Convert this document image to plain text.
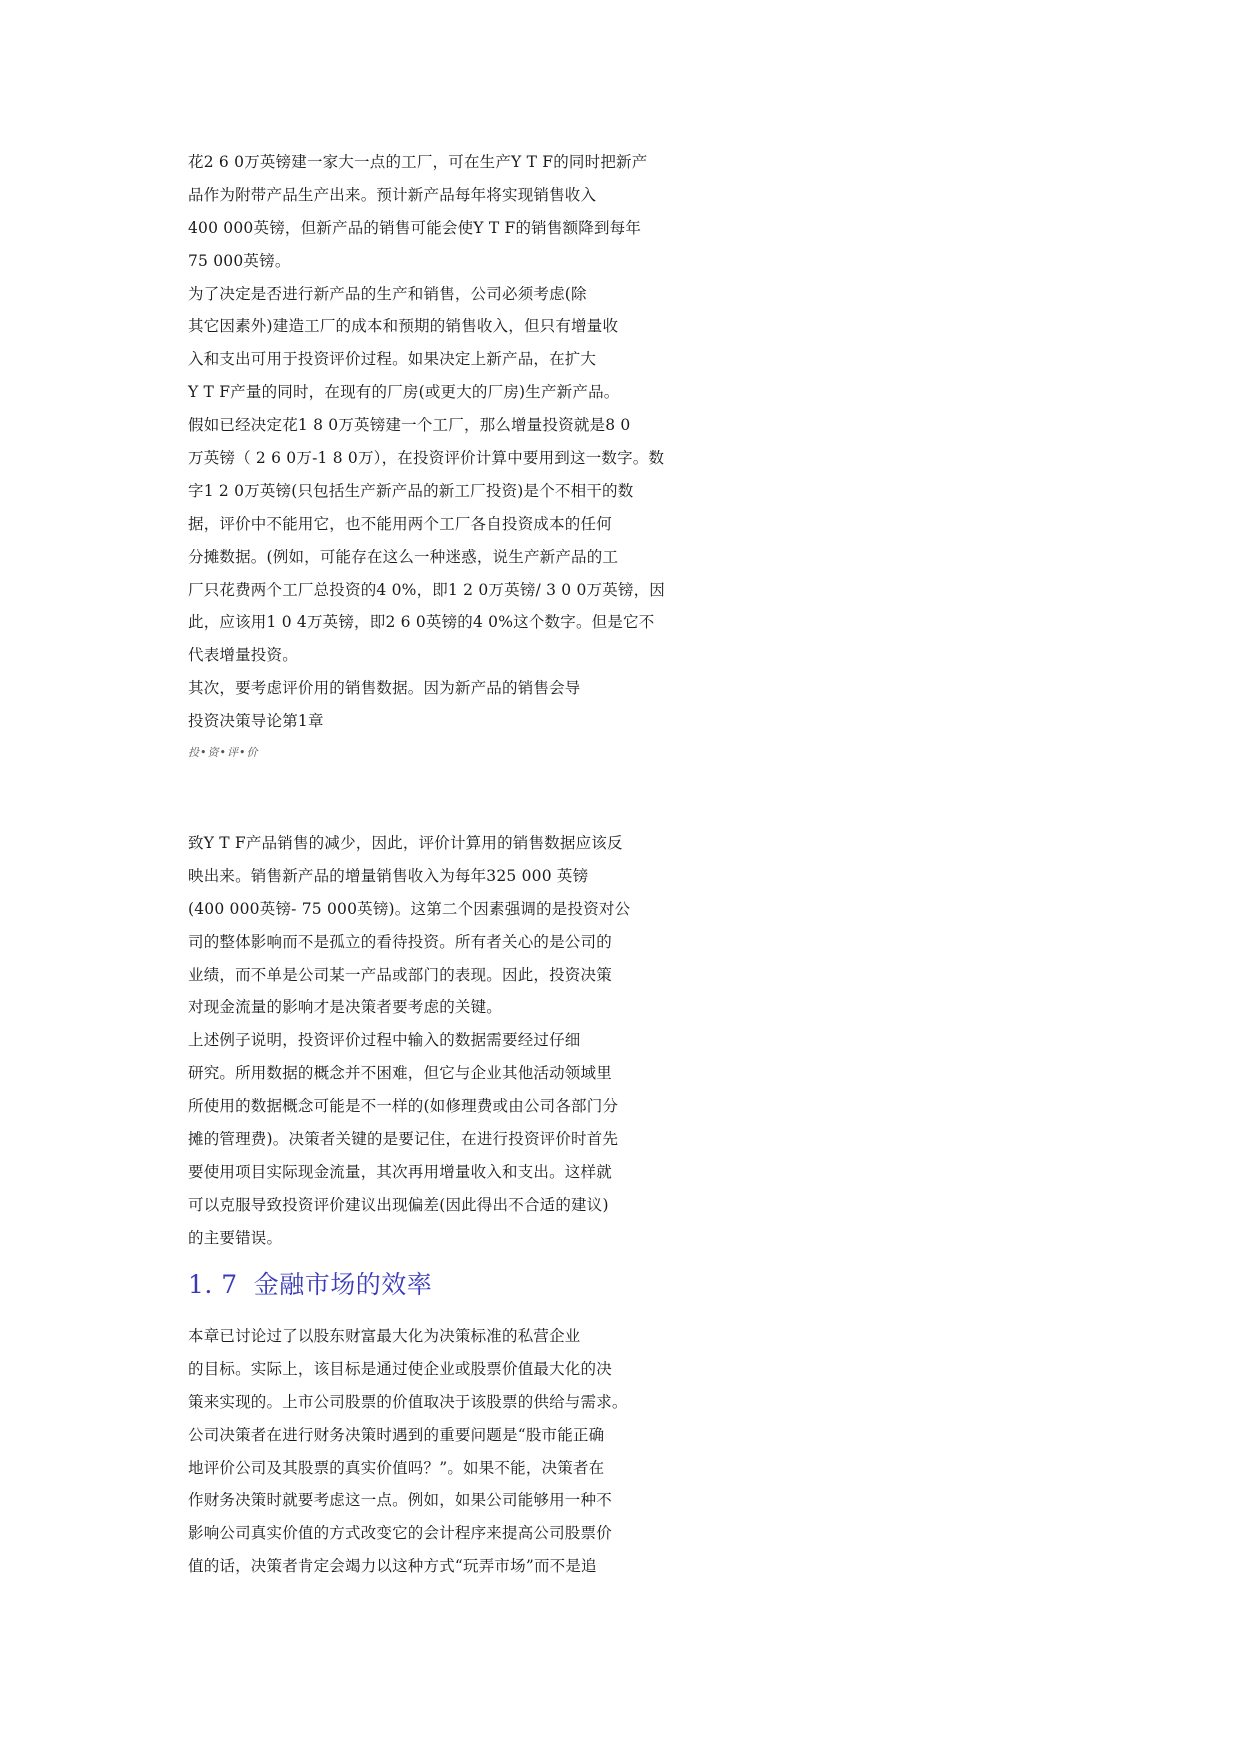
花2 6 0万英镑建一家大一点的工厂，可在生产Y T F的同时把新产
品作为附带产品生产出来。预计新产品每年将实现销售收入
400 000英镑，但新产品的销售可能会使Y T F的销售额降到每年
75 000英镑。
为了决定是否进行新产品的生产和销售，公司必须考虑(除
其它因素外)建造工厂的成本和预期的销售收入，但只有增量收
入和支出可用于投资评价过程。如果决定上新产品，在扩大
Y T F产量的同时，在现有的厂房(或更大的厂房)生产新产品。
假如已经决定花1 8 0万英镑建一个工厂，那么增量投资就是8 0
万英镑（ 2 6 0万-1 8 0万），在投资评价计算中要用到这一数字。数
字1 2 0万英镑(只包括生产新产品的新工厂投资)是个不相干的数
据，评价中不能用它，也不能用两个工厂各自投资成本的任何
分摊数据。(例如，可能存在这么一种迷惑，说生产新产品的工
厂只花费两个工厂总投资的4 0%，即1 2 0万英镑/ 3 0 0万英镑，因
此，应该用1 0 4万英镑，即2 6 0英镑的4 0%这个数字。但是它不
代表增量投资。
其次，要考虑评价用的销售数据。因为新产品的销售会导
投资决策导论第1章
投•资•评•价
致Y T F产品销售的减少，因此，评价计算用的销售数据应该反
映出来。销售新产品的增量销售收入为每年325 000 英镑
(400 000英镑- 75 000英镑)。这第二个因素强调的是投资对公
司的整体影响而不是孤立的看待投资。所有者关心的是公司的
业绩，而不单是公司某一产品或部门的表现。因此，投资决策
对现金流量的影响才是决策者要考虑的关键。
上述例子说明，投资评价过程中输入的数据需要经过仔细
研究。所用数据的概念并不困难，但它与企业其他活动领域里
所使用的数据概念可能是不一样的(如修理费或由公司各部门分
摊的管理费)。决策者关键的是要记住，在进行投资评价时首先
要使用项目实际现金流量，其次再用增量收入和支出。这样就
可以克服导致投资评价建议出现偏差(因此得出不合适的建议)
的主要错误。
1. 7 金融市场的效率
本章已讨论过了以股东财富最大化为决策标准的私营企业
的目标。实际上，该目标是通过使企业或股票价值最大化的决
策来实现的。上市公司股票的价值取决于该股票的供给与需求。
公司决策者在进行财务决策时遇到的重要问题是“股市能正确
地评价公司及其股票的真实价值吗？”。如果不能，决策者在
作财务决策时就要考虑这一点。例如，如果公司能够用一种不
影响公司真实价值的方式改变它的会计程序来提高公司股票价
值的话，决策者肯定会竭力以这种方式“玩弄市场”而不是追
